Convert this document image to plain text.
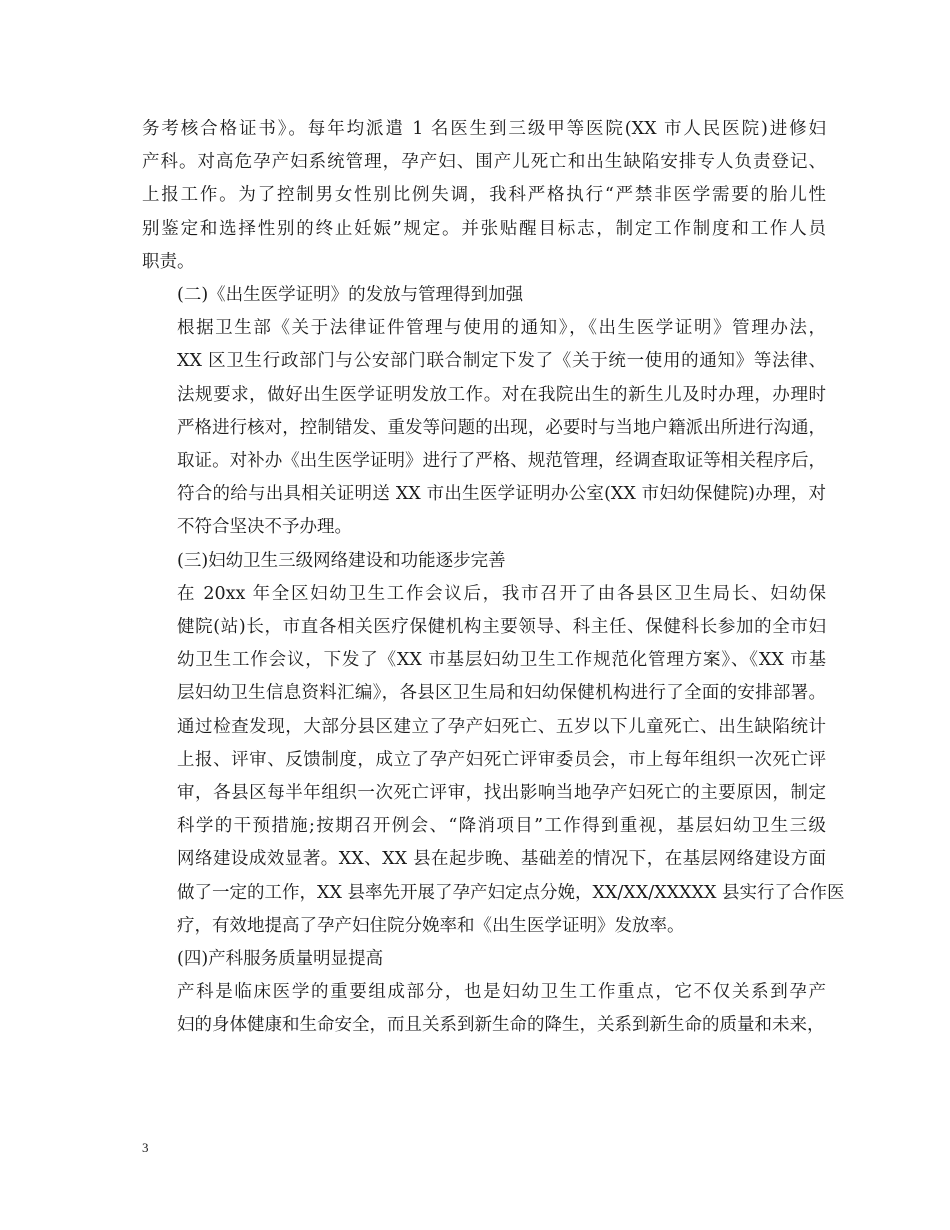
务考核合格证书》。每年均派遣 1 名医生到三级甲等医院(XX 市人民医院)进修妇
产科。对高危孕产妇系统管理，孕产妇、围产儿死亡和出生缺陷安排专人负责登记、
上报工作。为了控制男女性别比例失调，我科严格执行“严禁非医学需要的胎儿性
别鉴定和选择性别的终止妊娠”规定。并张贴醒目标志，制定工作制度和工作人员
职责。

(二)《出生医学证明》的发放与管理得到加强

根据卫生部《关于法律证件管理与使用的通知》，《出生医学证明》管理办法，
XX 区卫生行政部门与公安部门联合制定下发了《关于统一使用的通知》等法律、
法规要求，做好出生医学证明发放工作。对在我院出生的新生儿及时办理，办理时
严格进行核对，控制错发、重发等问题的出现，必要时与当地户籍派出所进行沟通，
取证。对补办《出生医学证明》进行了严格、规范管理，经调查取证等相关程序后，
符合的给与出具相关证明送 XX 市出生医学证明办公室(XX 市妇幼保健院)办理，对
不符合坚决不予办理。

(三)妇幼卫生三级网络建设和功能逐步完善

在 20xx 年全区妇幼卫生工作会议后，我市召开了由各县区卫生局长、妇幼保
健院(站)长，市直各相关医疗保健机构主要领导、科主任、保健科长参加的全市妇
幼卫生工作会议，下发了《XX 市基层妇幼卫生工作规范化管理方案》、《XX 市基
层妇幼卫生信息资料汇编》，各县区卫生局和妇幼保健机构进行了全面的安排部署。
通过检查发现，大部分县区建立了孕产妇死亡、五岁以下儿童死亡、出生缺陷统计
上报、评审、反馈制度，成立了孕产妇死亡评审委员会，市上每年组织一次死亡评
审，各县区每半年组织一次死亡评审，找出影响当地孕产妇死亡的主要原因，制定
科学的干预措施;按期召开例会、“降消项目”工作得到重视，基层妇幼卫生三级
网络建设成效显著。XX、XX 县在起步晚、基础差的情况下，在基层网络建设方面
做了一定的工作，XX 县率先开展了孕产妇定点分娩，XX/XX/XXXXX 县实行了合作医
疗，有效地提高了孕产妇住院分娩率和《出生医学证明》发放率。

(四)产科服务质量明显提高

产科是临床医学的重要组成部分，也是妇幼卫生工作重点，它不仅关系到孕产
妇的身体健康和生命安全，而且关系到新生命的降生，关系到新生命的质量和未来，

3
